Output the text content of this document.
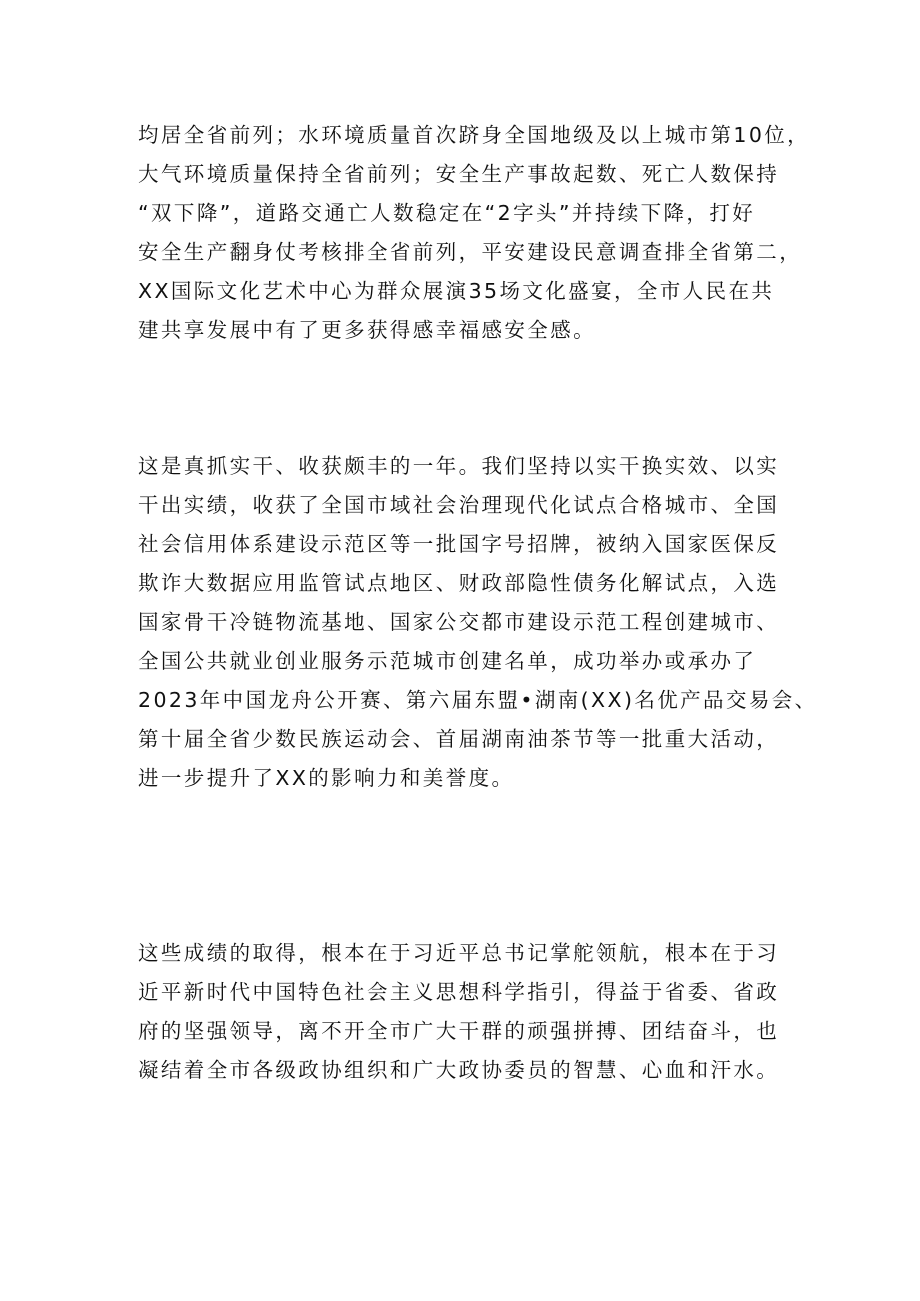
均居全省前列；水环境质量首次跻身全国地级及以上城市第10位，
大气环境质量保持全省前列；安全生产事故起数、死亡人数保持
“双下降”，道路交通亡人数稳定在“2字头”并持续下降，打好
安全生产翻身仗考核排全省前列，平安建设民意调查排全省第二，
XX国际文化艺术中心为群众展演35场文化盛宴，全市人民在共
建共享发展中有了更多获得感幸福感安全感。

这是真抓实干、收获颇丰的一年。我们坚持以实干换实效、以实
干出实绩，收获了全国市域社会治理现代化试点合格城市、全国
社会信用体系建设示范区等一批国字号招牌，被纳入国家医保反
欺诈大数据应用监管试点地区、财政部隐性债务化解试点，入选
国家骨干冷链物流基地、国家公交都市建设示范工程创建城市、
全国公共就业创业服务示范城市创建名单，成功举办或承办了
2023年中国龙舟公开赛、第六届东盟•湖南(XX)名优产品交易会、
第十届全省少数民族运动会、首届湖南油茶节等一批重大活动，
进一步提升了XX的影响力和美誉度。

这些成绩的取得，根本在于习近平总书记掌舵领航，根本在于习
近平新时代中国特色社会主义思想科学指引，得益于省委、省政
府的坚强领导，离不开全市广大干群的顽强拼搏、团结奋斗，也
凝结着全市各级政协组织和广大政协委员的智慧、心血和汗水。
